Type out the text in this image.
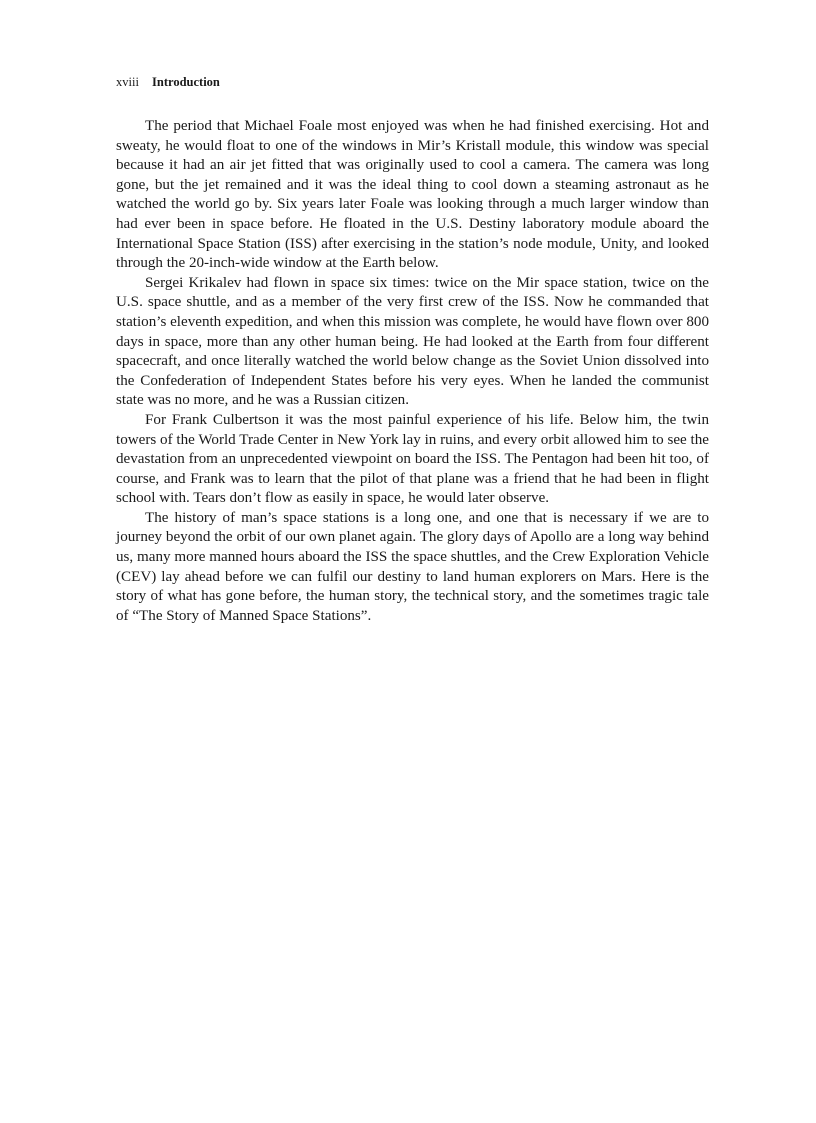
xviii Introduction

The period that Michael Foale most enjoyed was when he had finished exercising. Hot and sweaty, he would float to one of the windows in Mir’s Kristall module, this window was special because it had an air jet fitted that was originally used to cool a camera. The camera was long gone, but the jet remained and it was the ideal thing to cool down a steaming astronaut as he watched the world go by. Six years later Foale was looking through a much larger window than had ever been in space before. He floated in the U.S. Destiny laboratory module aboard the International Space Station (ISS) after exercising in the station’s node module, Unity, and looked through the 20-inch-wide window at the Earth below.

Sergei Krikalev had flown in space six times: twice on the Mir space station, twice on the U.S. space shuttle, and as a member of the very first crew of the ISS. Now he commanded that station’s eleventh expedition, and when this mission was complete, he would have flown over 800 days in space, more than any other human being. He had looked at the Earth from four different spacecraft, and once literally watched the world below change as the Soviet Union dissolved into the Confederation of Independent States before his very eyes. When he landed the communist state was no more, and he was a Russian citizen.

For Frank Culbertson it was the most painful experience of his life. Below him, the twin towers of the World Trade Center in New York lay in ruins, and every orbit allowed him to see the devastation from an unprecedented viewpoint on board the ISS. The Pentagon had been hit too, of course, and Frank was to learn that the pilot of that plane was a friend that he had been in flight school with. Tears don’t flow as easily in space, he would later observe.

The history of man’s space stations is a long one, and one that is necessary if we are to journey beyond the orbit of our own planet again. The glory days of Apollo are a long way behind us, many more manned hours aboard the ISS the space shuttles, and the Crew Exploration Vehicle (CEV) lay ahead before we can fulfil our destiny to land human explorers on Mars. Here is the story of what has gone before, the human story, the technical story, and the sometimes tragic tale of “The Story of Manned Space Stations”.
